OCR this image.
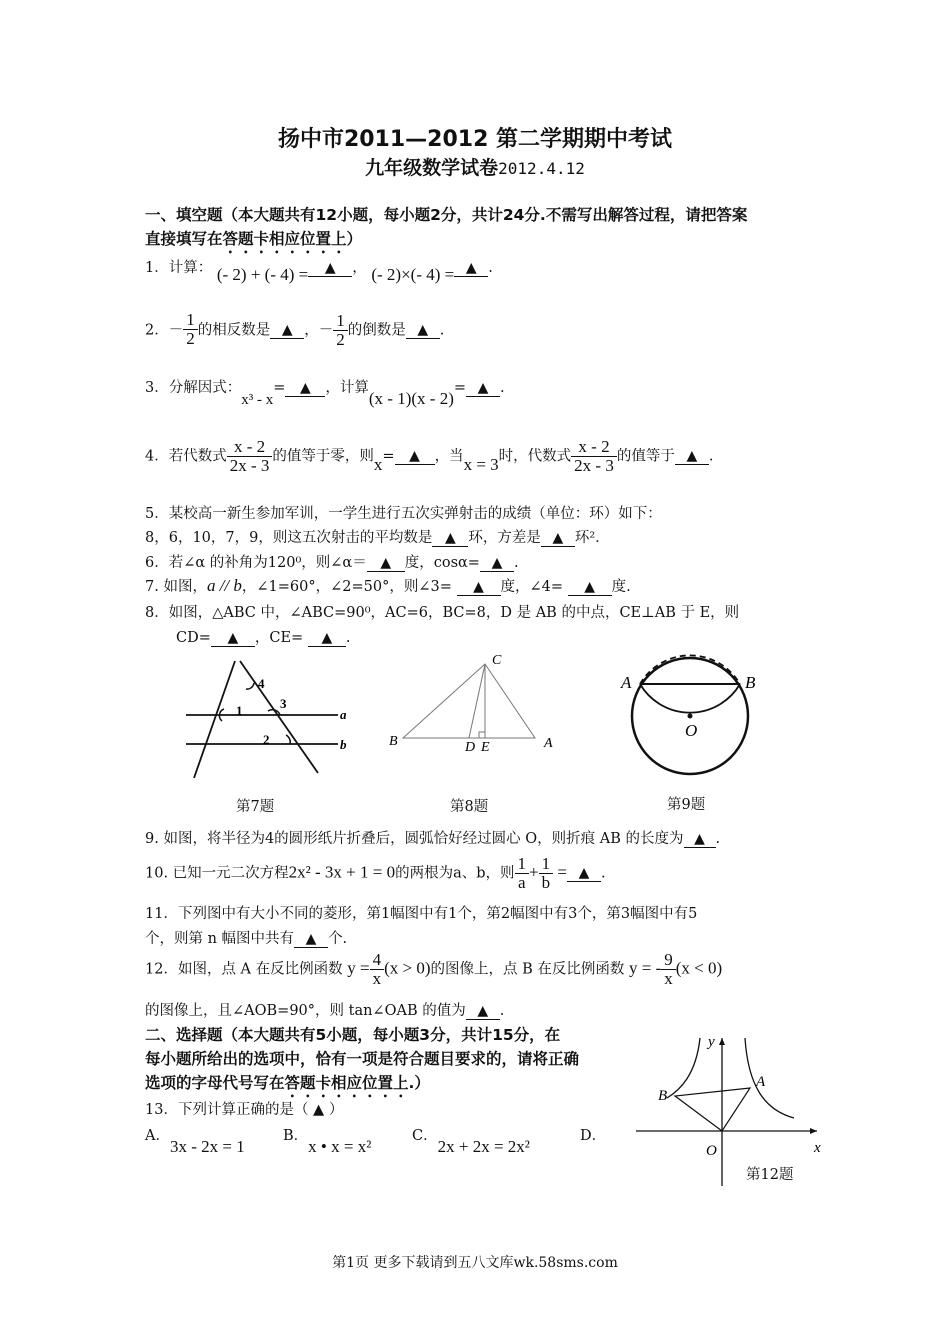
扬中市2011—2012 第二学期期中考试
九年级数学试卷2012.4.12
一、填空题（本大题共有12小题，每小题2分，共计24分.不需写出解答过程，请把答案
直接填写在答题卡相应位置上）
1．计算： (- 2) + (- 4) = ▲ ， (- 2)×(- 4) = ▲ .
2．－ $\frac{1}{2}$ 的相反数是 ▲ ，－ $\frac{1}{2}$ 的倒数是 ▲ .
3．分解因式：x³ - x= ▲ ，计算(x - 1)(x - 2)= ▲ .
4．若代数式 $\frac{x - 2}{2x - 3}$ 的值等于零，则x= ▲ ，当x = 3时，代数式 $\frac{x - 2}{2x - 3}$ 的值等于 ▲ .
5．某校高一新生参加军训，一学生进行五次实弹射击的成绩（单位：环）如下：
8，6，10，7，9，则这五次射击的平均数是 ▲ 环，方差是 ▲ 环²．
6．若∠α 的补角为120⁰，则∠α＝ ▲ 度，cosα= ▲ .
7. 如图，a // b，∠1=60°，∠2=50°，则∠3= ▲ 度，∠4= ▲ 度.
8．如图，△ABC 中，∠ABC=90⁰，AC=6，BC=8，D 是 AB 的中点，CE⊥AB 于 E，则
CD= ▲ ，CE= ▲ .
4
1	3
2
a
b
第7题
C
B	D E	A
第8题
A	B
O
第9题
9. 如图，将半径为4的圆形纸片折叠后，圆弧恰好经过圆心 O，则折痕 AB 的长度为 ▲ .
10. 已知一元二次方程2x² - 3x + 1 = 0的两根为a、b，则 $\frac{1}{a} + \frac{1}{b}$ = ▲ .
11．下列图中有大小不同的菱形，第1幅图中有1个，第2幅图中有3个，第3幅图中有5
个，则第 n 幅图中共有 ▲ 个.
12．如图，点 A 在反比例函数 $y = \frac{4}{x} (x > 0)$的图像上，点 B 在反比例函数 y = - $\frac{9}{x} (x < 0)$
的图像上，且∠AOB=90°，则 tan∠OAB 的值为 ▲ .
二、选择题（本大题共有5小题，每小题3分，共计15分，在
每小题所给出的选项中，恰有一项是符合题目要求的，请将正确
选项的字母代号写在答题卡相应位置上.）
13．下列计算正确的是（ ▲ ）
A．3x - 2x = 1
B．x • x = x²
C．2x + 2x = 2x²
D．
y
A
B
O	x
第12题
第1页 更多下载请到五八文库wk.58sms.com
